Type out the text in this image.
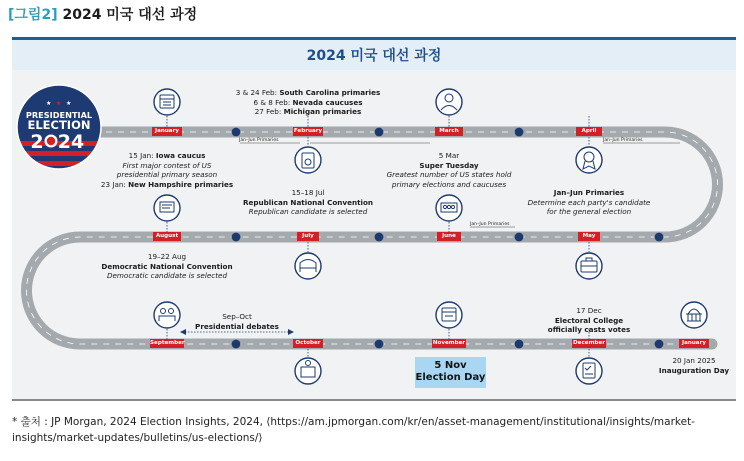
[그림2] 2024 미국 대선 과정
2024 미국 대선 과정
★ ★ ★
PRESIDENTIAL
ELECTION
2 24	January	February	March	April
June
July
August	May
September	October	November	December	January
Jan–Jun Primaries	Jan–Jun Primaries
Jan–Jun Primaries
3 & 24 Feb: South Carolina primaries
6 & 8 Feb: Nevada caucuses
27 Feb: Michigan primaries
15 Jan: Iowa caucus
First major contest of US
presidential primary season
23 Jan: New Hampshire primaries
15–18 Jul
Republican National Convention
Republican candidate is selected
5 Mar
Super Tuesday
Greatest number of US states hold
primary elections and caucuses
Jan–Jun Primaries
Determine each party's candidate
for the general election
19–22 Aug
Democratic National Convention
Democratic candidate is selected
Sep–Oct
Presidential debates
17 Dec
Electoral College
officially casts votes
20 Jan 2025
Inauguration Day
5 Nov
Election Day
* 출처 : JP Morgan, 2024 Election Insights, 2024, ⟨https://am.jpmorgan.com/kr/en/asset-management/institutional/insights/market-insights/market-updates/bulletins/us-elections/⟩
